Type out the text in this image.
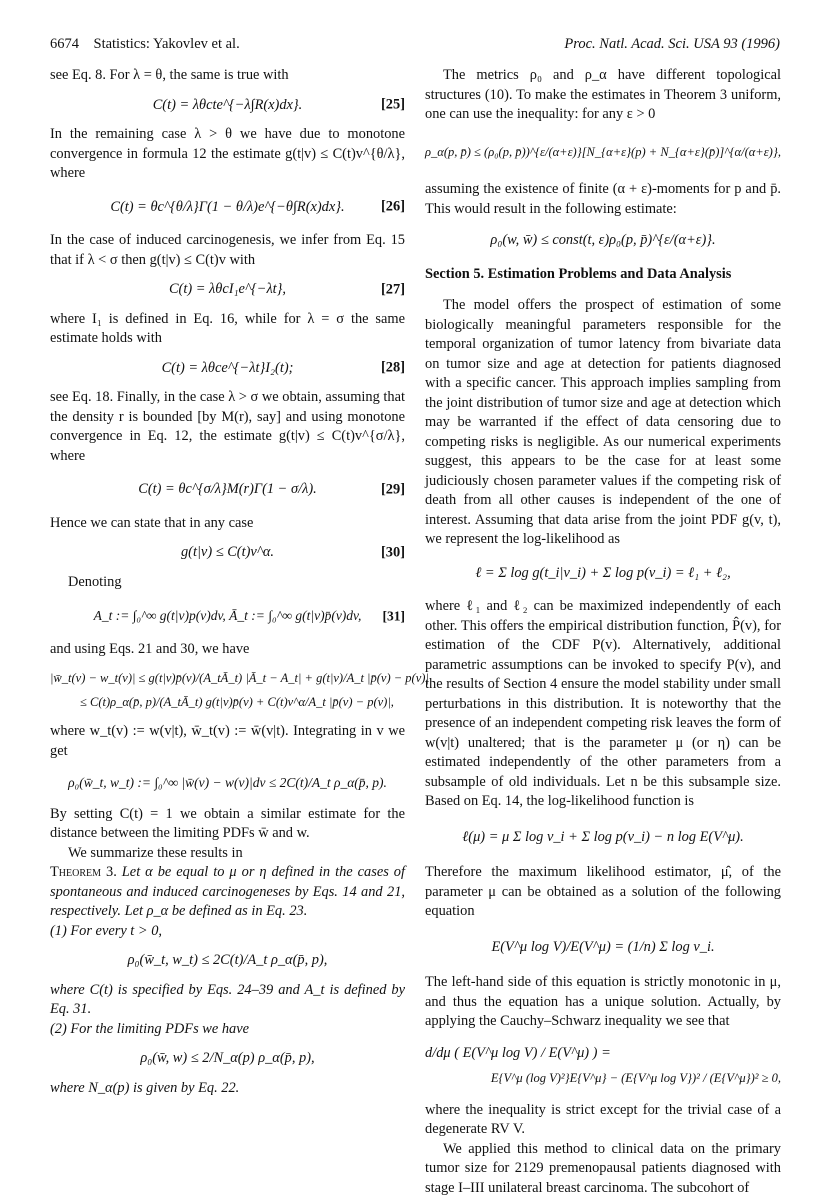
6674 Statistics: Yakovlev et al.	Proc. Natl. Acad. Sci. USA 93 (1996)

see Eq. 8. For λ = θ, the same is true with

C(t) = λθcte^{−λ∫R(x)dx}.	[25]

In the remaining case λ > θ we have due to monotone convergence in formula 12 the estimate g(t|v) ≤ C(t)v^{θ/λ}, where

C(t) = θc^{θ/λ}Γ(1 − θ/λ)e^{−θ∫R(x)dx}.	[26]

In the case of induced carcinogenesis, we infer from Eq. 15 that if λ < σ then g(t|v) ≤ C(t)v with

C(t) = λθcI₁e^{−λt},	[27]

where I₁ is defined in Eq. 16, while for λ = σ the same estimate holds with

C(t) = λθce^{−λt}I₂(t);	[28]

see Eq. 18. Finally, in the case λ > σ we obtain, assuming that the density r is bounded [by M(r), say] and using monotone convergence in Eq. 12, the estimate g(t|v) ≤ C(t)v^{σ/λ}, where

C(t) = θc^{σ/λ}M(r)Γ(1 − σ/λ).	[29]

Hence we can state that in any case

g(t|v) ≤ C(t)v^α.	[30]

Denoting

A_t := ∫₀^∞ g(t|v)p(v)dv, Ā_t := ∫₀^∞ g(t|v)p̄(v)dv, [31]

and using Eqs. 21 and 30, we have

|w̄_t(v) − w_t(v)| ≤ g(t|v)p̄(v)/(A_tĀ_t) |Ā_t − A_t| + g(t|v)/A_t |p̄(v) − p(v)|
≤ C(t)ρ_α(p̄, p)/(A_tĀ_t) g(t|v)p̄(v) + C(t)v^α/A_t |p̄(v) − p(v)|,

where w_t(v) := w(v|t), w̄_t(v) := w̄(v|t). Integrating in v we get

ρ₀(w̄_t, w_t) := ∫₀^∞ |w̄(v) − w(v)|dv ≤ 2C(t)/A_t ρ_α(p̄, p).

By setting C(t) = 1 we obtain a similar estimate for the distance between the limiting PDFs w̄ and w.

We summarize these results in

Theorem 3. Let α be equal to μ or η defined in the cases of spontaneous and induced carcinogeneses by Eqs. 14 and 21, respectively. Let ρ_α be defined as in Eq. 23.

(1) For every t > 0,

ρ₀(w̄_t, w_t) ≤ 2C(t)/A_t ρ_α(p̄, p),

where C(t) is specified by Eqs. 24–39 and A_t is defined by Eq. 31.

(2) For the limiting PDFs we have

ρ₀(w̄, w) ≤ 2/N_α(p) ρ_α(p̄, p),

where N_α(p) is given by Eq. 22.

The metrics ρ₀ and ρ_α have different topological structures (10). To make the estimates in Theorem 3 uniform, one can use the inequality: for any ε > 0

ρ_α(p, p̄) ≤ (ρ₀(p, p̄))^{ε/(α+ε)}[N_{α+ε}(p) + N_{α+ε}(p̄)]^{α/(α+ε)},

assuming the existence of finite (α + ε)-moments for p and p̄. This would result in the following estimate:

ρ₀(w, w̄) ≤ const(t, ε)ρ₀(p, p̄)^{ε/(α+ε)}.
Section 5. Estimation Problems and Data Analysis

The model offers the prospect of estimation of some biologically meaningful parameters responsible for the temporal organization of tumor latency from bivariate data on tumor size and age at detection for patients diagnosed with a specific cancer. This approach implies sampling from the joint distribution of tumor size and age at detection which may be warranted if the effect of data censoring due to competing risks is negligible. As our numerical experiments suggest, this appears to be the case for at least some judiciously chosen parameter values if the competing risk of death from all other causes is independent of the one of interest. Assuming that data arise from the joint PDF g(v, t), we represent the log-likelihood as

ℓ = Σ log g(t_i|v_i) + Σ log p(v_i) = ℓ₁ + ℓ₂,

where ℓ₁ and ℓ₂ can be maximized independently of each other. This offers the empirical distribution function, P̂(v), for estimation of the CDF P(v). Alternatively, additional parametric assumptions can be invoked to specify P(v), and the results of Section 4 ensure the model stability under small perturbations in this distribution. It is noteworthy that the presence of an independent competing risk leaves the form of w(v|t) unaltered; that is the parameter μ (or η) can be estimated independently of the other parameters from a subsample of old individuals. Let n be this subsample size. Based on Eq. 14, the log-likelihood function is

ℓ(μ) = μ Σ log v_i + Σ log p(v_i) − n log E(V^μ).

Therefore the maximum likelihood estimator, μ̂, of the parameter μ can be obtained as a solution of the following equation

E(V^μ log V)/E(V^μ) = (1/n) Σ log v_i.

The left-hand side of this equation is strictly monotonic in μ, and thus the equation has a unique solution. Actually, by applying the Cauchy–Schwarz inequality we see that

d/dμ ( E(V^μ log V) / E(V^μ) ) =
E{V^μ (log V)²}E{V^μ} − (E{V^μ log V})² / (E{V^μ})² ≥ 0,

where the inequality is strict except for the trivial case of a degenerate RV V.

We applied this method to clinical data on the primary tumor size for 2129 premenopausal patients diagnosed with stage I–III unilateral breast carcinoma. The subcohort of
